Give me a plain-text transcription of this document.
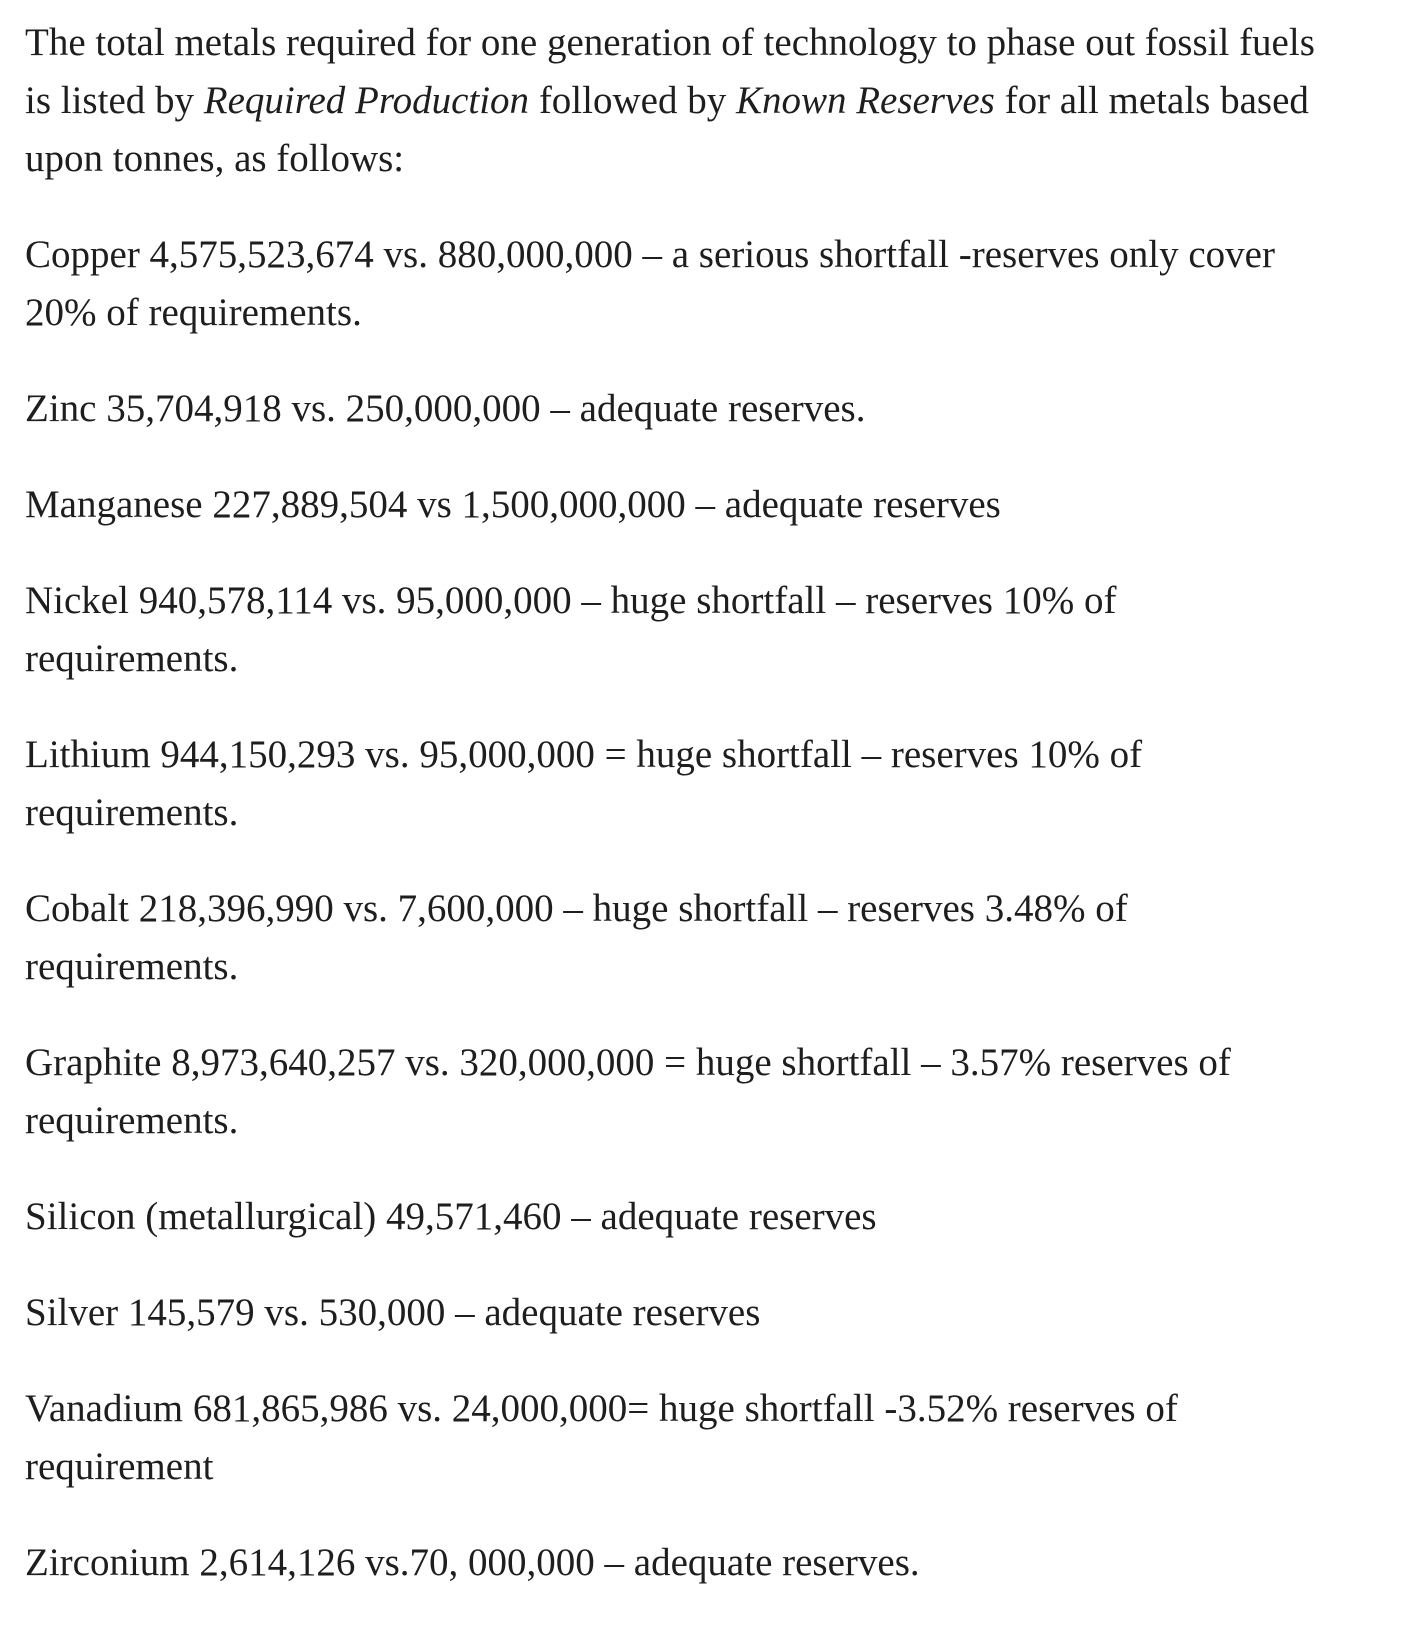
The total metals required for one generation of technology to phase out fossil fuels is listed by Required Production followed by Known Reserves for all metals based upon tonnes, as follows:

Copper 4,575,523,674 vs. 880,000,000 – a serious shortfall -reserves only cover 20% of requirements.

Zinc 35,704,918 vs. 250,000,000 – adequate reserves.

Manganese 227,889,504 vs 1,500,000,000 – adequate reserves

Nickel 940,578,114 vs. 95,000,000 – huge shortfall – reserves 10% of requirements.

Lithium 944,150,293 vs. 95,000,000 = huge shortfall – reserves 10% of requirements.

Cobalt 218,396,990 vs. 7,600,000 – huge shortfall – reserves 3.48% of requirements.

Graphite 8,973,640,257 vs. 320,000,000 = huge shortfall – 3.57% reserves of requirements.

Silicon (metallurgical) 49,571,460 – adequate reserves

Silver 145,579 vs. 530,000 – adequate reserves

Vanadium 681,865,986 vs. 24,000,000= huge shortfall -3.52% reserves of requirement

Zirconium 2,614,126 vs.70, 000,000 – adequate reserves.
